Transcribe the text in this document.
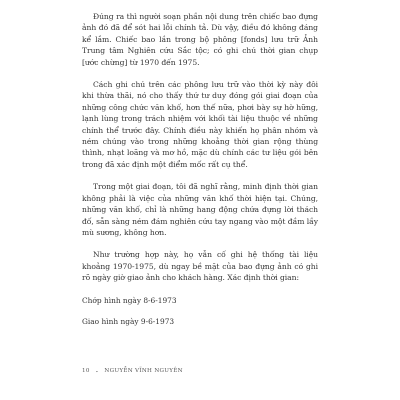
Đúng ra thì người soạn phần nội dung trên chiếc bao đựng ảnh đó đã để sót hai lỗi chính tả. Dù vậy, điều đó không đáng kể lắm. Chiếc bao lần trong bộ phông [fonds] lưu trữ Ảnh Trung tâm Nghiên cứu Sắc tộc; có ghi chú thời gian chụp [ước chừng] từ 1970 đến 1975.

Cách ghi chú trên các phông lưu trữ vào thời kỳ này đôi khi thừa thãi, nó cho thấy thứ tư duy đóng gói giai đoạn của những công chức văn khố, hơn thế nữa, phơi bày sự hờ hững, lạnh lùng trong trách nhiệm với khối tài liệu thuộc về những chính thể trước đây. Chính điều này khiến họ phân nhóm và ném chúng vào trong những khoảng thời gian rộng thùng thình, nhạt loãng và mơ hồ, mặc dù chính các tư liệu gói bên trong đã xác định một điểm mốc rất cụ thể.

Trong một giai đoạn, tôi đã nghĩ rằng, minh định thời gian không phải là việc của những văn khố thời hiện tại. Chúng, những văn khố, chỉ là những hang động chứa đựng lời thách đố, sẵn sàng ném đám nghiên cứu tay ngang vào một đầm lầy mù sương, không hơn.

Như trường hợp này, họ vẫn cố ghi hệ thống tài liệu khoảng 1970-1975, dù ngay bề mặt của bao đựng ảnh có ghi rõ ngày giờ giao ảnh cho khách hàng. Xác định thời gian:

Chớp hình ngày 8-6-1973

Giao hình ngày 9-6-1973

10 • NGUYỄN VĨNH NGUYÊN
